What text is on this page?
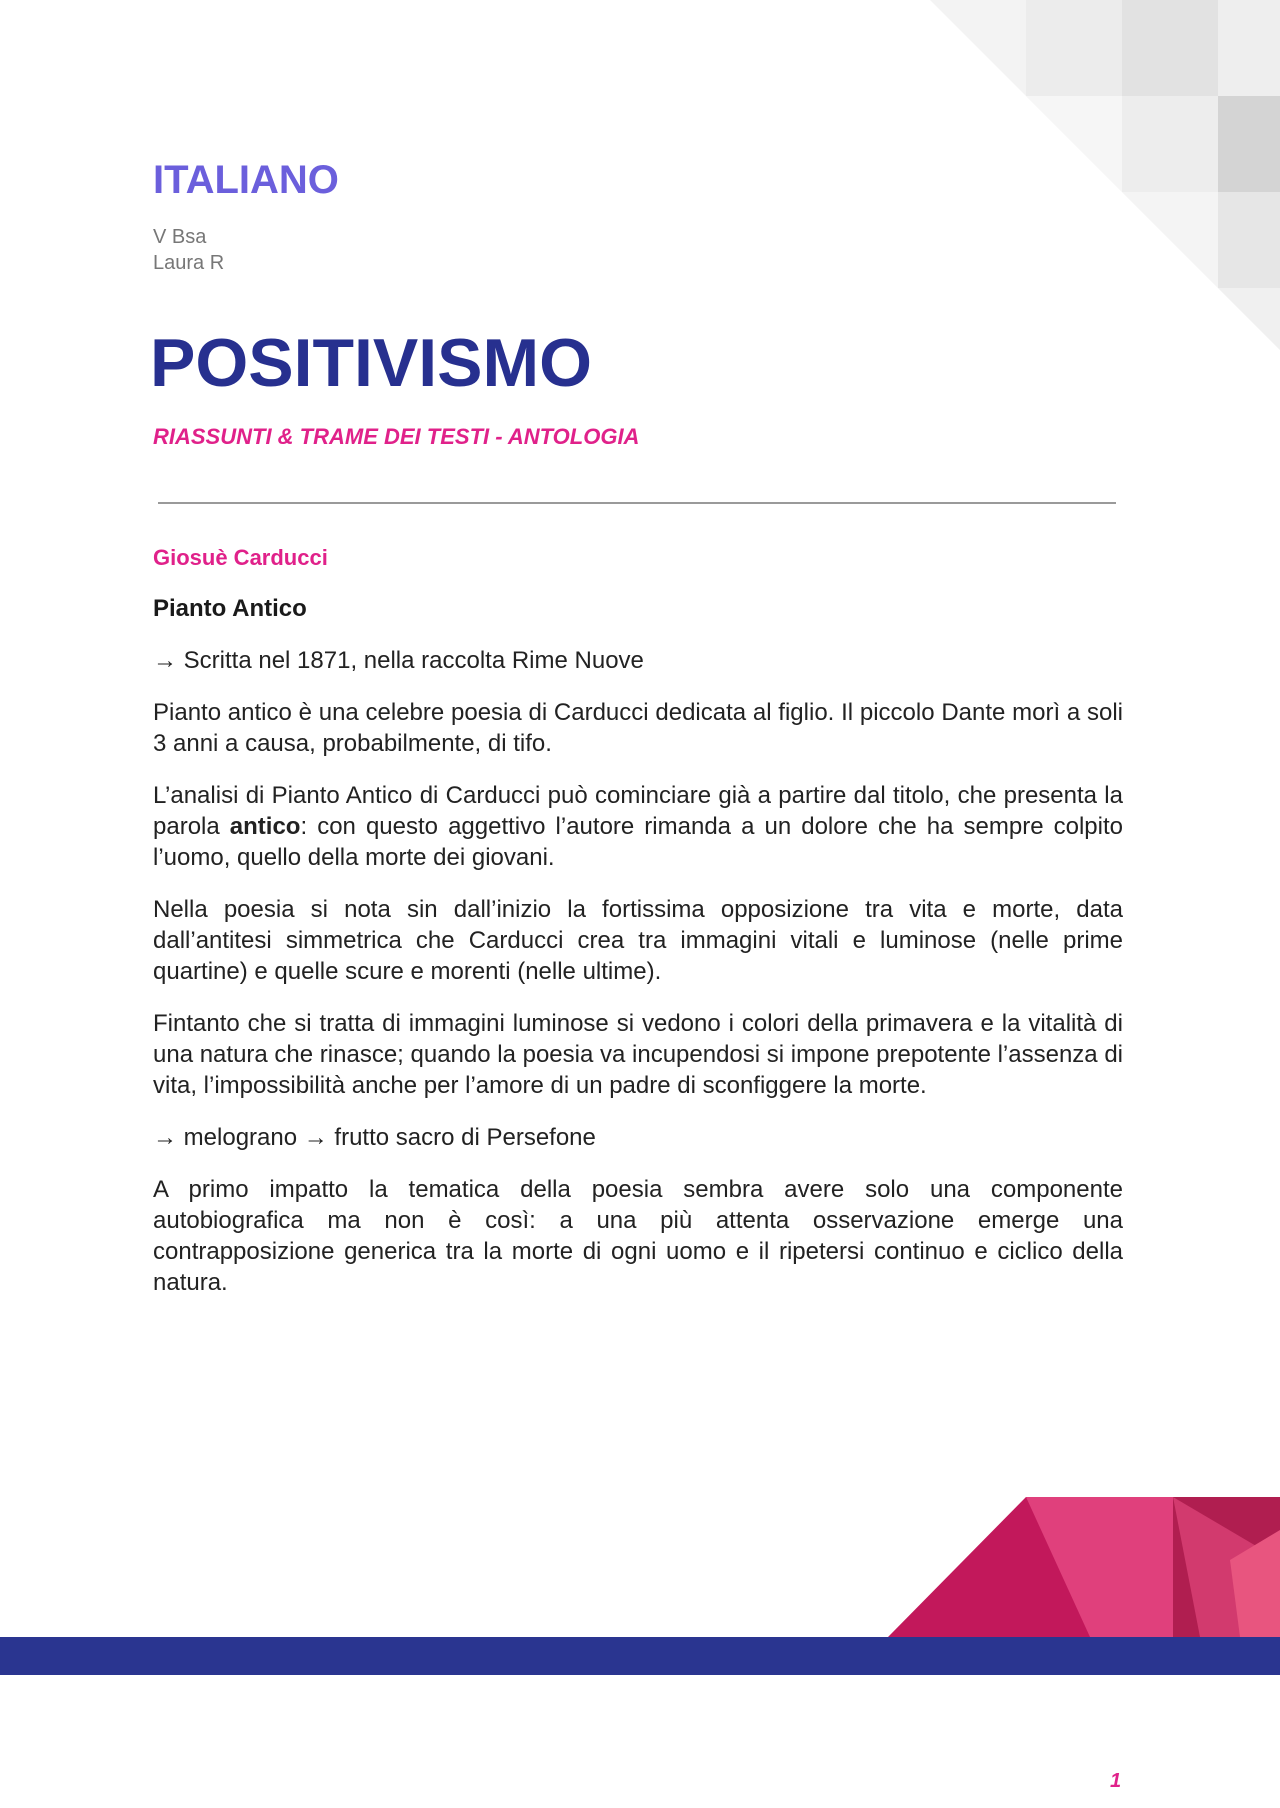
ITALIANO
V Bsa
Laura R
POSITIVISMO
RIASSUNTI & TRAME DEI TESTI - ANTOLOGIA
Giosuè Carducci
Pianto Antico

→ Scritta nel 1871, nella raccolta Rime Nuove

Pianto antico è una celebre poesia di Carducci dedicata al figlio. Il piccolo Dante morì a soli 3 anni a causa, probabilmente, di tifo.

L’analisi di Pianto Antico di Carducci può cominciare già a partire dal titolo, che presenta la parola antico: con questo aggettivo l’autore rimanda a un dolore che ha sempre colpito l’uomo, quello della morte dei giovani.

Nella poesia si nota sin dall’inizio la fortissima opposizione tra vita e morte, data dall’antitesi simmetrica che Carducci crea tra immagini vitali e luminose (nelle prime quartine) e quelle scure e morenti (nelle ultime).

Fintanto che si tratta di immagini luminose si vedono i colori della primavera e la vitalità di una natura che rinasce; quando la poesia va incupendosi si impone prepotente l’assenza di vita, l’impossibilità anche per l’amore di un padre di sconfiggere la morte.

→ melograno → frutto sacro di Persefone

A primo impatto la tematica della poesia sembra avere solo una componente autobiografica ma non è così: a una più attenta osservazione emerge una contrapposizione generica tra la morte di ogni uomo e il ripetersi continuo e ciclico della natura.

1
